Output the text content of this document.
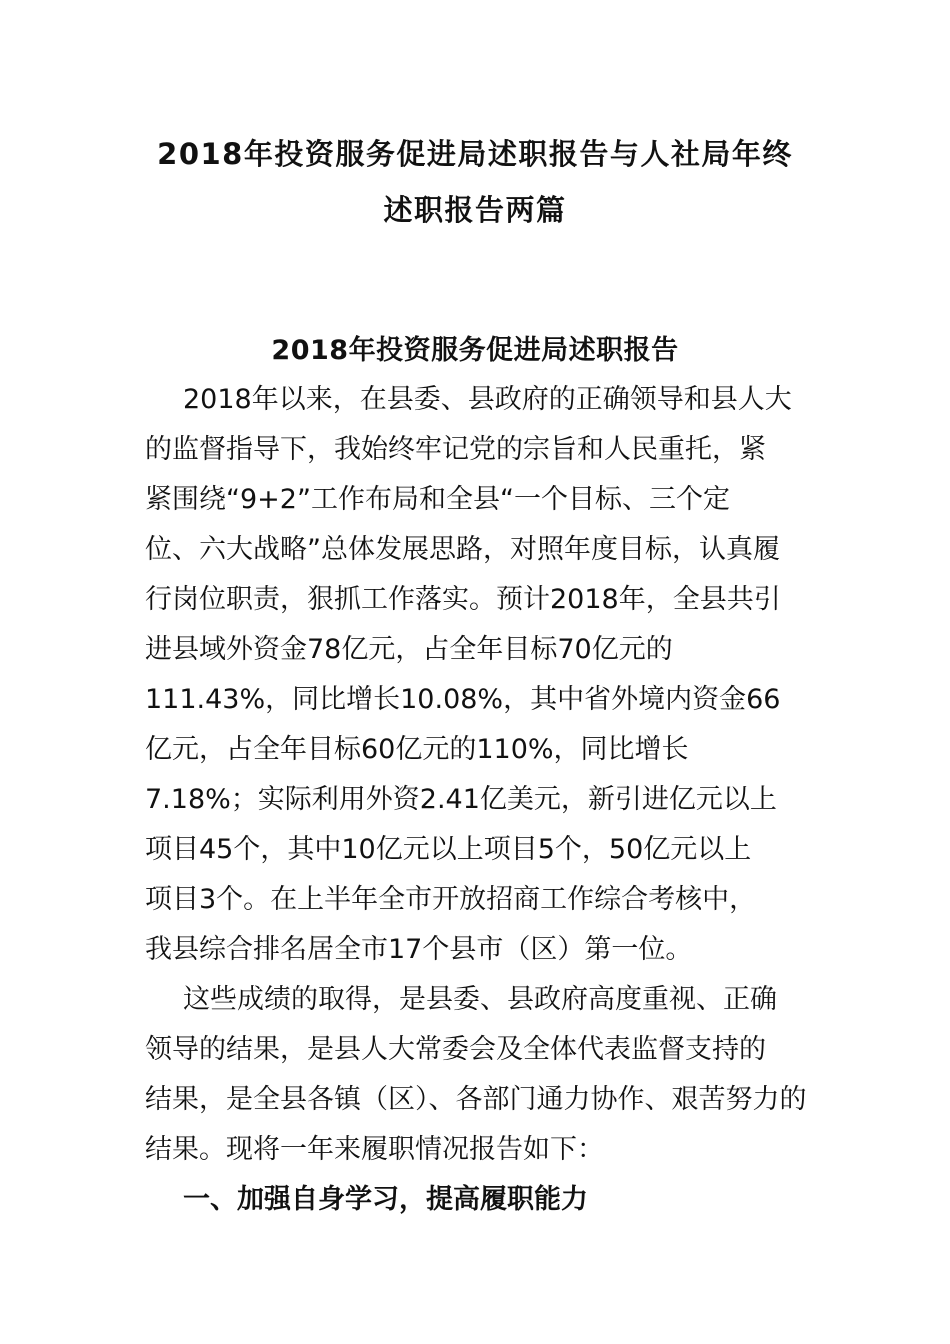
2018年投资服务促进局述职报告与人社局年终
述职报告两篇
2018年投资服务促进局述职报告
2018年以来，在县委、县政府的正确领导和县人大
的监督指导下，我始终牢记党的宗旨和人民重托，紧
紧围绕“9+2”工作布局和全县“一个目标、三个定
位、六大战略”总体发展思路，对照年度目标，认真履
行岗位职责，狠抓工作落实。预计2018年，全县共引
进县域外资金78亿元，占全年目标70亿元的
111.43%，同比增长10.08%，其中省外境内资金66
亿元，占全年目标60亿元的110%，同比增长
7.18%；实际利用外资2.41亿美元，新引进亿元以上
项目45个，其中10亿元以上项目5个，50亿元以上
项目3个。在上半年全市开放招商工作综合考核中，
我县综合排名居全市17个县市（区）第一位。
这些成绩的取得，是县委、县政府高度重视、正确
领导的结果，是县人大常委会及全体代表监督支持的
结果，是全县各镇（区）、各部门通力协作、艰苦努力的
结果。现将一年来履职情况报告如下：
一、加强自身学习，提高履职能力
